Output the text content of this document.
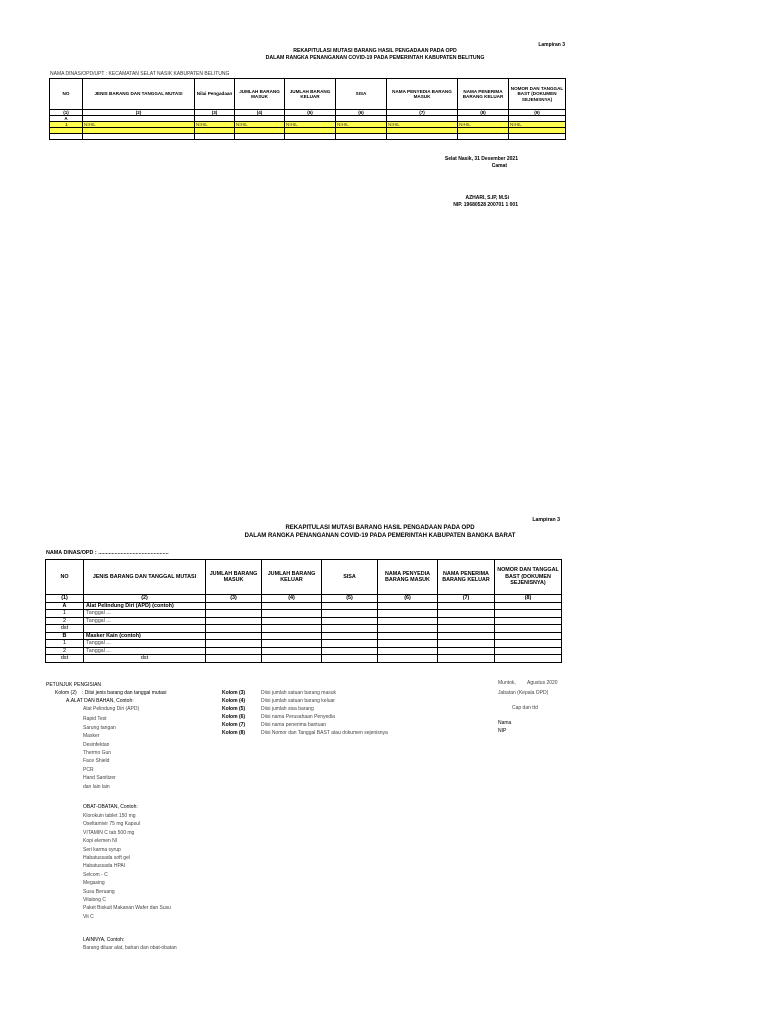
Lampiran 3
REKAPITULASI MUTASI BARANG HASIL PENGADAAN PADA OPD
DALAM RANGKA PENANGANAN COVID-19 PADA PEMERINTAH KABUPATEN BELITUNG
NAMA DINAS/OPD/UPT : KECAMATAN SELAT NASIK KABUPATEN BELITUNG
NO	JENIS BARANG DAN TANGGAL MUTASI	Nilai Pengadaan	JUMLAH BARANG MASUK	JUMLAH BARANG KELUAR	SISA	NAMA PENYEDIA BARANG MASUK	NAMA PENERIMA BARANG KELUAR	NOMOR DAN TANGGAL BAST (DOKUMEN SEJENISNYA)
(1)	(2)	(3)	(4)	(5)	(6)	(7)	(8)	(9)
A								
1	NIHIL	NIHIL	NIHIL	NIHIL	NIHIL	NIHIL	NIHIL	NIHIL

Selat Nasik, 31 Desember 2021
Camat
AZHARI, S.IP, M.Si
NIP. 19680528 200701 1 001
Lampiran 3
REKAPITULASI MUTASI BARANG HASIL PENGADAAN PADA OPD
DALAM RANGKA PENANGANAN COVID-19 PADA PEMERINTAH KABUPATEN BANGKA BARAT
NAMA DINAS/OPD : ...............................................
NO	JENIS BARANG DAN TANGGAL MUTASI	JUMLAH BARANG MASUK	JUMLAH BARANG KELUAR	SISA	NAMA PENYEDIA BARANG MASUK	NAMA PENERIMA BARANG KELUAR	NOMOR DAN TANGGAL BAST (DOKUMEN SEJENISNYA)
(1)	(2)	(3)	(4)	(5)	(6)	(7)	(8)
A	Alat Pelindung Diri (APD) (contoh)						
1	Tanggal ...						
2	Tanggal ...						
dst							
B	Masker Kain (contoh)						
1	Tanggal ...						
2	Tanggal ...						
dst	dst						
PETUNJUK PENGISIAN
Kolom (2) : Diisi jenis barang dan tanggal mutasi
A.ALAT DAN BAHAN, Contoh:
Alat Pelindung Diri (APD)
Rapid Test
Sarung tangan
Masker
Desinfektan
Thermo Gun
Face Shield
PCR
Hand Sanitizer
dan lain lain
OBAT-OBATAN, Contoh:
Klorokuin tablet 150 mg
Oseltamivir 75 mg Kapsul
VITAMIN C tab 500 mg
Kopi elemen NI
Seri karma syrup
Habatussada soft gel
Habatussada HPAI
Selcom - C
Megasing
Susu Beruang
Vitalong C
Paket Biskuit Makanan Wafer dan Susu
Vit C
LAINNYA, Contoh:
Barang diluar alat, bahan dan obat-obatan
Kolom (3)	Diisi jumlah satuan barang masuk
Kolom (4)	Diisi jumlah satuan barang keluar
Kolom (5)	Diisi jumlah sisa barang
Kolom (6)	Diisi nama Perusahaan Penyedia
Kolom (7)	Diisi nama penerima bantuan
Kolom (8)	Diisi Nomor dan Tanggal BAST atau dokumen sejenisnya
Muntok, Agustus 2020
Jabatan (Kepala OPD)
Cap dan ttd
Nama
NIP
